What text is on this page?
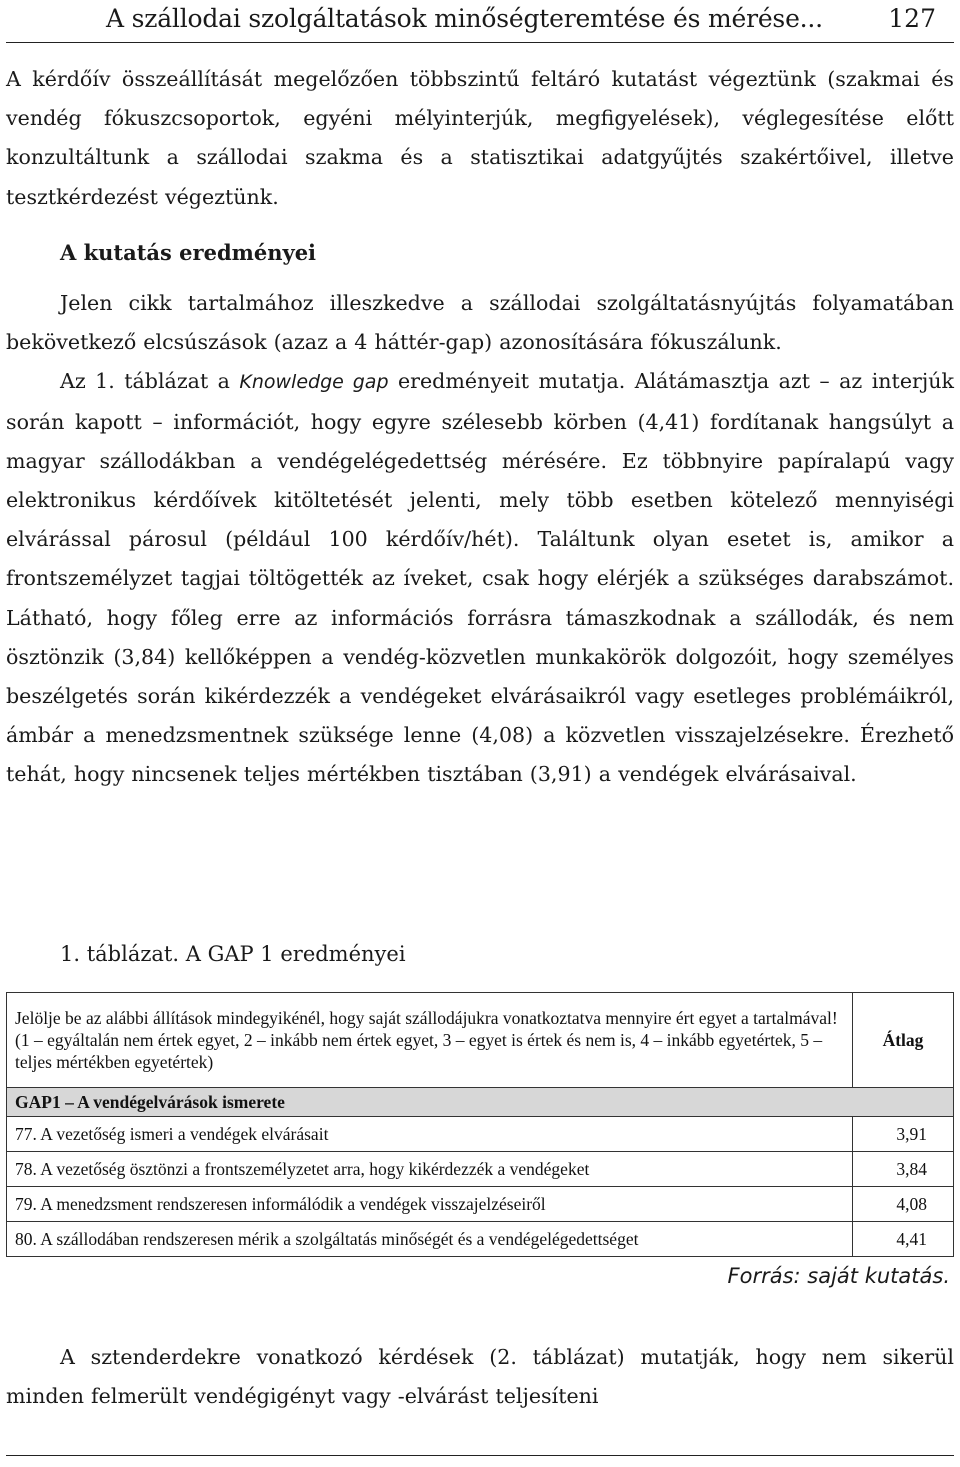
A szállodai szolgáltatások minőségteremtése és mérése...	127

A kérdőív összeállítását megelőzően többszintű feltáró kutatást végeztünk (szakmai és vendég fókuszcsoportok, egyéni mélyinterjúk, megfigyelések), véglegesítése előtt konzultáltunk a szállodai szakma és a statisztikai adatgyűjtés szakértőivel, illetve tesztkérdezést végeztünk.

A kutatás eredményei

Jelen cikk tartalmához illeszkedve a szállodai szolgáltatásnyújtás folyamatában bekövetkező elcsúszások (azaz a 4 háttér-gap) azonosítására fókuszálunk.

Az 1. táblázat a Knowledge gap eredményeit mutatja. Alátámasztja azt – az interjúk során kapott – információt, hogy egyre szélesebb körben (4,41) fordítanak hangsúlyt a magyar szállodákban a vendégelégedettség mérésére. Ez többnyire papíralapú vagy elektronikus kérdőívek kitöltetését jelenti, mely több esetben kötelező mennyiségi elvárással párosul (például 100 kérdőív/hét). Találtunk olyan esetet is, amikor a frontszemélyzet tagjai töltögették az íveket, csak hogy elérjék a szükséges darabszámot. Látható, hogy főleg erre az információs forrásra támaszkodnak a szállodák, és nem ösztönzik (3,84) kellőképpen a vendég-közvetlen munkakörök dolgozóit, hogy személyes beszélgetés során kikérdezzék a vendégeket elvárásaikról vagy esetleges problémáikról, ámbár a menedzsmentnek szüksége lenne (4,08) a közvetlen visszajelzésekre. Érezhető tehát, hogy nincsenek teljes mértékben tisztában (3,91) a vendégek elvárásaival.

1. táblázat. A GAP 1 eredményei

Jelölje be az alábbi állítások mindegyikénél, hogy saját szállodájukra vonatkoztatva mennyire ért egyet a tartalmával! (1 – egyáltalán nem értek egyet, 2 – inkább nem értek egyet, 3 – egyet is értek és nem is, 4 – inkább egyetértek, 5 – teljes mértékben egyetértek)	Átlag
GAP1 – A vendégelvárások ismerete	
77. A vezetőség ismeri a vendégek elvárásait	3,91
78. A vezetőség ösztönzi a frontszemélyzetet arra, hogy kikérdezzék a vendégeket	3,84
79. A menedzsment rendszeresen informálódik a vendégek visszajelzéseiről	4,08
80. A szállodában rendszeresen mérik a szolgáltatás minőségét és a vendégelégedettséget	4,41
Forrás: saját kutatás.

A sztenderdekre vonatkozó kérdések (2. táblázat) mutatják, hogy nem sikerül minden felmerült vendégigényt vagy -elvárást teljesíteni
